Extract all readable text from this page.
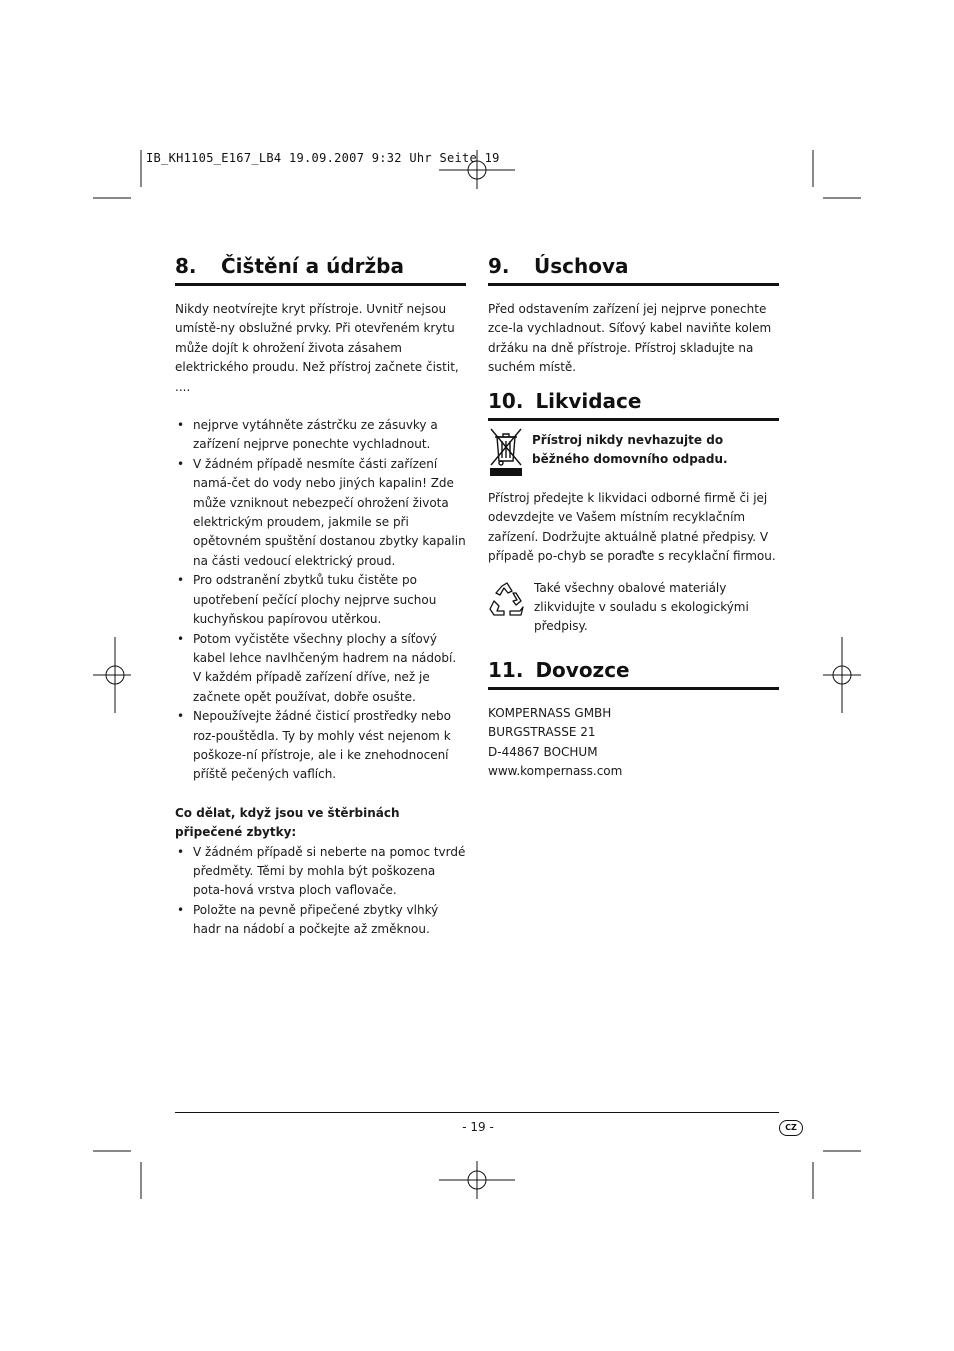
IB_KH1105_E167_LB4 19.09.2007 9:32 Uhr Seite 19
8.	Čištění a údržba

Nikdy neotvírejte kryt přístroje. Uvnitř nejsou umístě-ny obslužné prvky. Při otevřeném krytu může dojít k ohrožení života zásahem elektrického proudu. Než přístroj začnete čistit, ....

• nejprve vytáhněte zástrčku ze zásuvky a zařízení nejprve ponechte vychladnout.
• V žádném případě nesmíte části zařízení namá-čet do vody nebo jiných kapalin! Zde může vzniknout nebezpečí ohrožení života elektrickým proudem, jakmile se při opětovném spuštění dostanou zbytky kapalin na části vedoucí elektrický proud.
• Pro odstranění zbytků tuku čistěte po upotřebení pečící plochy nejprve suchou kuchyňskou papírovou utěrkou.
• Potom vyčistěte všechny plochy a síťový kabel lehce navlhčeným hadrem na nádobí. V každém případě zařízení dříve, než je začnete opět používat, dobře osušte.
• Nepoužívejte žádné čisticí prostředky nebo roz-pouštědla. Ty by mohly vést nejenom k poškoze-ní přístroje, ale i ke znehodnocení příště pečených vaflích.

Co dělat, když jsou ve štěrbinách připečené zbytky:

• V žádném případě si neberte na pomoc tvrdé předměty. Těmi by mohla být poškozena pota-hová vrstva ploch vaflovače.
• Položte na pevně připečené zbytky vlhký hadr na nádobí a počkejte až změknou.
9.	Úschova

Před odstavením zařízení jej nejprve ponechte zce-la vychladnout. Síťový kabel naviňte kolem držáku na dně přístroje. Přístroj skladujte na suchém místě.

10. Likvidace

Přístroj nikdy nevhazujte do běžného domovního odpadu.

Přístroj předejte k likvidaci odborné firmě či jej odevzdejte ve Vašem místním recyklačním zařízení. Dodržujte aktuálně platné předpisy. V případě po-chyb se poraďte s recyklační firmou.

Také všechny obalové materiály zlikvidujte v souladu s ekologickými předpisy.

11. Dovozce

KOMPERNASS GMBH

BURGSTRASSE 21

D-44867 BOCHUM

www.kompernass.com

- 19 -	CZ
